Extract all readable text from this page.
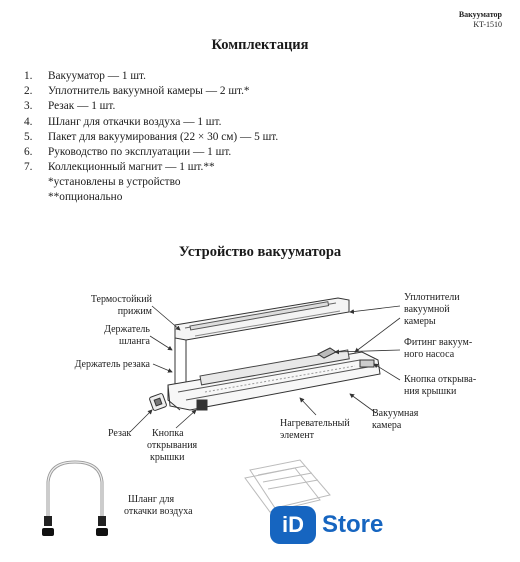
Вакууматор
KT-1510
Комплектация
1.	Вакууматор — 1 шт.
2.	Уплотнитель вакуумной камеры — 2 шт.*
3.	Резак — 1 шт.
4.	Шланг для откачки воздуха — 1 шт.
5.	Пакет для вакуумирования (22 × 30 см) — 5 шт.
6.	Руководство по эксплуатации — 1 шт.
7.	Коллекционный магнит — 1 шт.**
*установлены в устройство
**опционально
Устройство вакууматора
Термостойкий
прижим
Держатель
шланга
Держатель резака
Резак Кнопка
открывания
крышки
Нагревательный
элемент
Вакуумная
камера
Уплотнители
вакуумной
камеры
Фитинг вакуум-
ного насоса
Кнопка открыва-
ния крышки
Шланг для
откачки воздуха
iD Store
